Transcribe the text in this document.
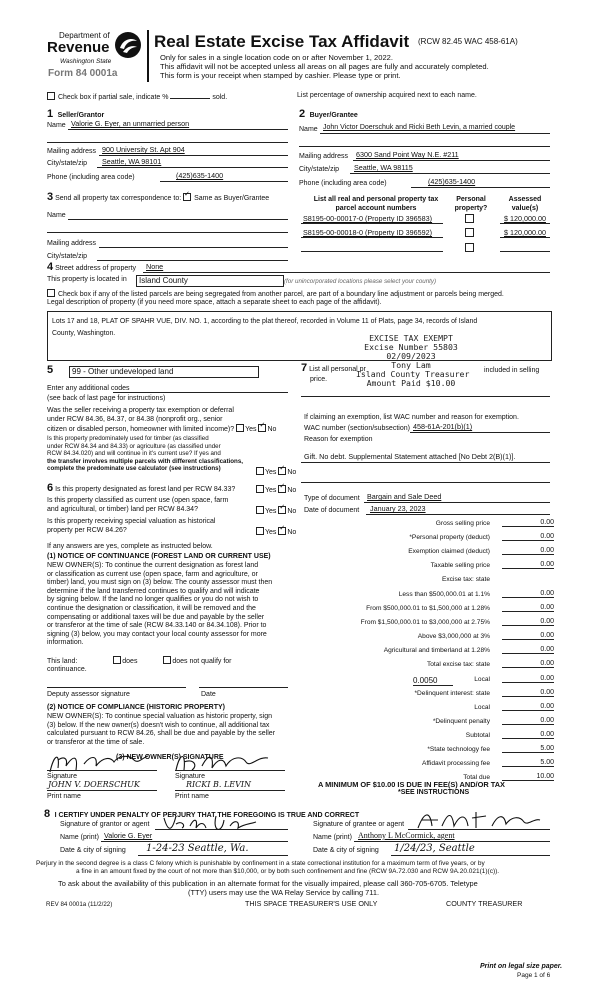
Department of
Revenue
Washington State
Form 84 0001a
Real Estate Excise Tax Affidavit (RCW 82.45 WAC 458-61A)
Only for sales in a single location code on or after November 1, 2022.
This affidavit will not be accepted unless all areas on all pages are fully and accurately completed.
This form is your receipt when stamped by cashier. Please type or print.
Check box if partial sale, indicate %	sold.	List percentage of ownership acquired next to each name.
1 Seller/Grantor
Name Valorie G. Eyer, an unmarried person
Mailing address 900 University St. Apt 904
City/state/zip Seattle, WA 98101
Phone (including area code)	(425)635-1400
2 Buyer/Grantee
Name John Victor Doerschuk and Ricki Beth Levin, a married couple
Mailing address 6300 Sand Point Way N.E. #211
City/state/zip Seattle, WA 98115
Phone (including area code)	(425)635-1400
3 Send all property tax correspondence to: ✓ Same as Buyer/Grantee
Name
Mailing address
City/state/zip
List all real and personal property tax
parcel account numbers
Personal
property?
Assessed
value(s)
S8195-00-00017-0 (Property ID 396583)	$ 120,000.00
S8195-00-00018-0 (Property ID 396592)	$ 120,000.00
4 Street address of property None
This property is located in	Island County	(for unincorporated locations please select your county)
Check box if any of the listed parcels are being segregated from another parcel, are part of a boundary line adjustment or parcels being merged.
Legal description of property (if you need more space, attach a separate sheet to each page of the affidavit).
Lots 17 and 18, PLAT OF SPAHR VUE, DIV. NO. 1, according to the plat thereof, recorded in Volume 11 of Plats, page 34, records of Island
County, Washington.	EXCISE TAX EXEMPT
Excise Number 55803
02/09/2023
Tony Lam
Island County Treasurer
Amount Paid $10.00
5	99 - Other undeveloped land
Enter any additional codes
(see back of last page for instructions)
Was the seller receiving a property tax exemption or deferral
under RCW 84.36, 84.37, or 84.38 (nonprofit org., senior
citizen or disabled person, homeowner with limited income)? Yes ✓ No
Is this property predominately used for timber (as classified
under RCW 84.34 and 84.33) or agriculture (as classified under
RCW 84.34.020) and will continue in it's current use? If yes and
the transfer involves multiple parcels with different classifications,
complete the predominate use calculator (see instructions)
Yes ✓ No
6 Is this property designated as forest land per RCW 84.33?	Yes ✓ No
Is this property classified as current use (open space, farm
and agricultural, or timber) land per RCW 84.34?	Yes ✓ No
Is this property receiving special valuation as historical
property per RCW 84.26?	Yes ✓ No
If any answers are yes, complete as instructed below.
(1) NOTICE OF CONTINUANCE (FOREST LAND OR CURRENT USE)
NEW OWNER(S): To continue the current designation as forest land
or classification as current use (open space, farm and agriculture, or
timber) land, you must sign on (3) below. The county assessor must then
determine if the land transferred continues to qualify and will indicate
by signing below. If the land no longer qualifies or you do not wish to
continue the designation or classification, it will be removed and the
compensating or additional taxes will be due and payable by the seller
or transferor at the time of sale (RCW 84.33.140 or 84.34.108). Prior to
signing (3) below, you may contact your local county assessor for more
information.
This land:	does	does not qualify for
continuance.
Deputy assessor signature	Date
(2) NOTICE OF COMPLIANCE (HISTORIC PROPERTY)
NEW OWNER(S): To continue special valuation as historic property, sign
(3) below. If the new owner(s) doesn't wish to continue, all additional tax
calculated pursuant to RCW 84.26, shall be due and payable by the seller
or transferor at the time of sale.
(3) NEW OWNER(S) SIGNATURE
Signature	Signature
JOHN V. DOERSCHUK	RICKI B. LEVIN
Print name	Print name
7 List all personal pr	included in selling
price.
If claiming an exemption, list WAC number and reason for exemption.
WAC number (section/subsection) 458-61A-201(b)(1)
Reason for exemption
Gift. No debt. Supplemental Statement attached [No Debt 2(B)(1)].
Type of document Bargain and Sale Deed
Date of document January 23, 2023
Gross selling price	0.00
*Personal property (deduct)	0.00
Exemption claimed (deduct)	0.00
Taxable selling price	0.00
Excise tax: state
Less than $500,000.01 at 1.1%	0.00
From $500,000.01 to $1,500,000 at 1.28%	0.00
From $1,500,000.01 to $3,000,000 at 2.75%	0.00
Above $3,000,000 at 3%	0.00
Agricultural and timberland at 1.28%	0.00
Total excise tax: state	0.00
Local	0.00
*Delinquent interest: state	0.00
Local	0.00
*Delinquent penalty	0.00
Subtotal	0.00
*State technology fee	5.00
Affidavit processing fee	5.00
Total due	10.00
0.0050
A MINIMUM OF $10.00 IS DUE IN FEE(S) AND/OR TAX
*SEE INSTRUCTIONS
8 I CERTIFY UNDER PENALTY OF PERJURY THAT THE FOREGOING IS TRUE AND CORRECT
Signature of grantor or agent	Signature of grantee or agent
Name (print) Valorie G. Eyer	Name (print) Anthony L McCormick, agent
Date & city of signing 1-24-23 Seattle, Wa.	Date & city of signing 1/24/23, Seattle
Perjury in the second degree is a class C felony which is punishable by confinement in a state correctional institution for a maximum term of five years, or by
a fine in an amount fixed by the court of not more than $10,000, or by both such confinement and fine (RCW 9A.72.030 and RCW 9A.20.021(1)(c)).
To ask about the availability of this publication in an alternate format for the visually impaired, please call 360-705-6705. Teletype
(TTY) users may use the WA Relay Service by calling 711.
REV 84 0001a (11/2/22)	THIS SPACE TREASURER'S USE ONLY	COUNTY TREASURER
Print on legal size paper.
Page 1 of 6
